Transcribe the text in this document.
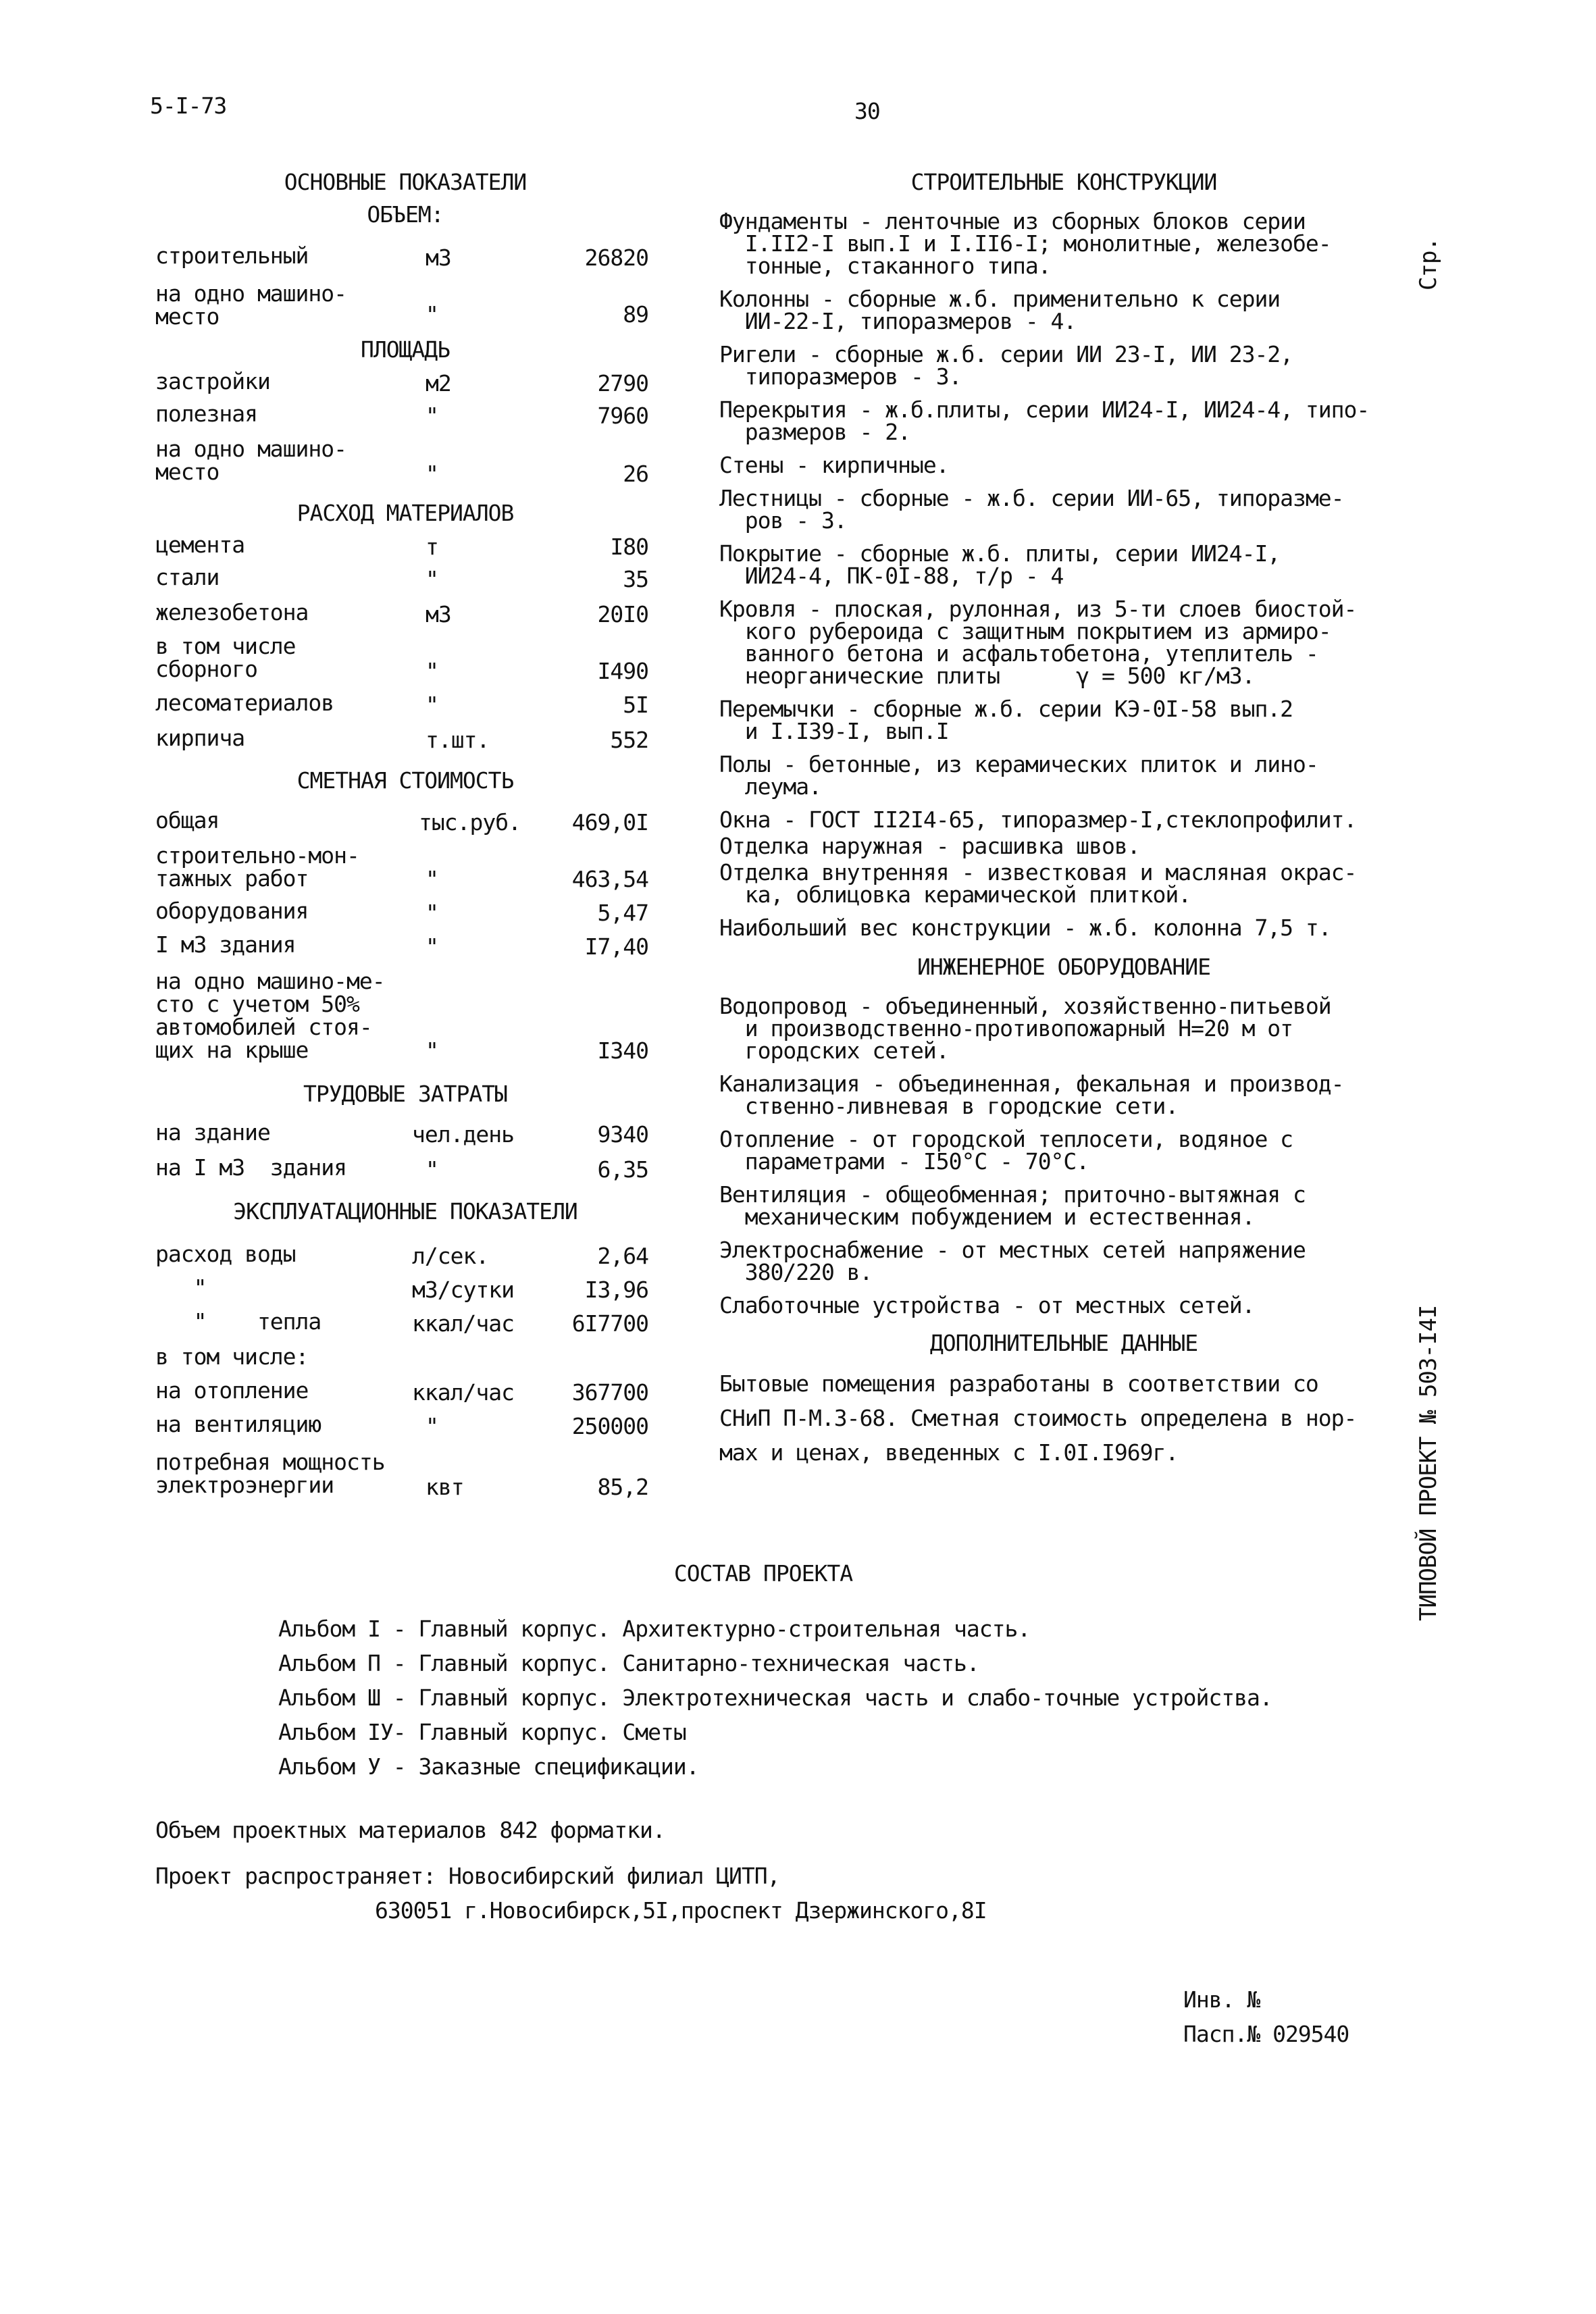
5-I-73	30
Стр.
ТИПОВОЙ ПРОЕКТ № 503-I4I
ОСНОВНЫЕ ПОКАЗАТЕЛИ
ОБЪЕМ:
строительный	м3	26820
на одно машино-
место	"	89
ПЛОЩАДЬ
застройки	м2	2790
полезная	"	7960
на одно машино-
место	"	26
РАСХОД МАТЕРИАЛОВ
цемента	т	I80
стали	"	35
железобетона	м3	20I0
в том числе
сборного	"	I490
лесоматериалов	"	5I
кирпича	т.шт.	552
СМЕТНАЯ СТОИМОСТЬ
общая	тыс.руб. 469,0I
строительно-мон-
тажных работ	"	463,54
оборудования	"	5,47
I м3 здания	"	I7,40
на одно машино-ме-
сто с учетом 50%
автомобилей стоя-
щих на крыше	"	I340
ТРУДОВЫЕ ЗАТРАТЫ
на здание	чел.день	9340
на I м3  здания	"	6,35
ЭКСПЛУАТАЦИОННЫЕ ПОКАЗАТЕЛИ
расход воды	л/сек.	2,64
"	м3/сутки	I3,96
"    тепла	ккал/час	6I7700
в том числе:
на отопление	ккал/час	367700
на вентиляцию	"	250000
потребная мощность
электроэнергии	квт	85,2
СТРОИТЕЛЬНЫЕ КОНСТРУКЦИИ
Фундаменты - ленточные из сборных блоков серии
I.II2-I вып.I и I.II6-I; монолитные, железобе-
тонные, стаканного типа.
Колонны - сборные ж.б. применительно к серии
ИИ-22-I, типоразмеров - 4.
Ригели - сборные ж.б. серии ИИ 23-I, ИИ 23-2,
типоразмеров - 3.
Перекрытия - ж.б.плиты, серии ИИ24-I, ИИ24-4, типо-
размеров - 2.
Стены - кирпичные.
Лестницы - сборные - ж.б. серии ИИ-65, типоразме-
ров - 3.
Покрытие - сборные ж.б. плиты, серии ИИ24-I,
ИИ24-4, ПК-0I-88, т/р - 4
Кровля - плоская, рулонная, из 5-ти слоев биостой-
кого рубероида с защитным покрытием из армиро-
ванного бетона и асфальтобетона, утеплитель -
неорганические плиты      γ = 500 кг/м3.
Перемычки - сборные ж.б. серии КЭ-0I-58 вып.2
и I.I39-I, вып.I
Полы - бетонные, из керамических плиток и лино-
леума.
Окна - ГОСТ II2I4-65, типоразмер-I,стеклопрофилит.
Отделка наружная - расшивка швов.
Отделка внутренняя - известковая и масляная окрас-
ка, облицовка керамической плиткой.
Наибольший вес конструкции - ж.б. колонна 7,5 т.
ИНЖЕНЕРНОЕ ОБОРУДОВАНИЕ
Водопровод - объединенный, хозяйственно-питьевой
и производственно-противопожарный Н=20 м от
городских сетей.
Канализация - объединенная, фекальная и производ-
ственно-ливневая в городские сети.
Отопление - от городской теплосети, водяное с
параметрами - I50°С - 70°С.
Вентиляция - общеобменная; приточно-вытяжная с
механическим побуждением и естественная.
Электроснабжение - от местных сетей напряжение
380/220 в.
Слаботочные устройства - от местных сетей.
ДОПОЛНИТЕЛЬНЫЕ ДАННЫЕ
Бытовые помещения разработаны в соответствии со
СНиП П-М.3-68. Сметная стоимость определена в нор-
мах и ценах, введенных с I.0I.I969г.
СОСТАВ ПРОЕКТА
Альбом I - Главный корпус. Архитектурно-строительная часть.
Альбом П - Главный корпус. Санитарно-техническая часть.
Альбом Ш - Главный корпус. Электротехническая часть и слабо-точные устройства.
Альбом IУ- Главный корпус. Сметы
Альбом У - Заказные спецификации.
Объем проектных материалов 842 форматки.
Проект распространяет: Новосибирский филиал ЦИТП,
630051 г.Новосибирск,5I,проспект Дзержинского,8I
Инв. №
Пасп.№ 029540
